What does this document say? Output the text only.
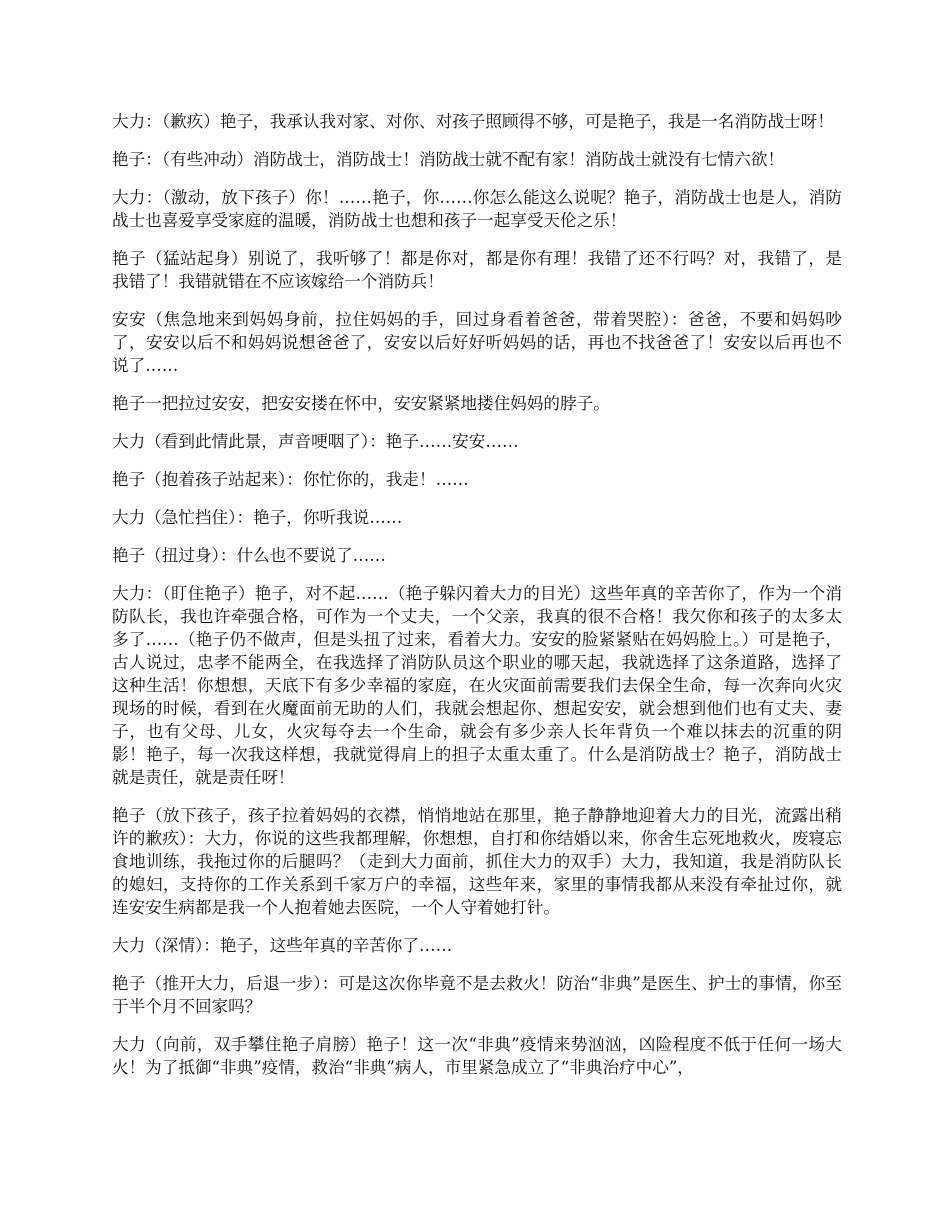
大力：（歉疚）艳子，我承认我对家、对你、对孩子照顾得不够，可是艳子，我是一名消防战士呀！

艳子：（有些冲动）消防战士，消防战士！消防战士就不配有家！消防战士就没有七情六欲！

大力：（激动，放下孩子）你！……艳子，你……你怎么能这么说呢？艳子，消防战士也是人，消防战士也喜爱享受家庭的温暖，消防战士也想和孩子一起享受天伦之乐！

艳子（猛站起身）别说了，我听够了！都是你对，都是你有理！我错了还不行吗？对，我错了，是我错了！我错就错在不应该嫁给一个消防兵！

安安（焦急地来到妈妈身前，拉住妈妈的手，回过身看着爸爸，带着哭腔）：爸爸，不要和妈妈吵了，安安以后不和妈妈说想爸爸了，安安以后好好听妈妈的话，再也不找爸爸了！安安以后再也不说了……

艳子一把拉过安安，把安安搂在怀中，安安紧紧地搂住妈妈的脖子。

大力（看到此情此景，声音哽咽了）：艳子……安安……

艳子（抱着孩子站起来）：你忙你的，我走！……

大力（急忙挡住）：艳子，你听我说……

艳子（扭过身）：什么也不要说了……

大力：（盯住艳子）艳子，对不起……（艳子躲闪着大力的目光）这些年真的辛苦你了，作为一个消防队长，我也许牵强合格，可作为一个丈夫，一个父亲，我真的很不合格！我欠你和孩子的太多太多了……（艳子仍不做声，但是头扭了过来，看着大力。安安的脸紧紧贴在妈妈脸上。）可是艳子，古人说过，忠孝不能两全，在我选择了消防队员这个职业的哪天起，我就选择了这条道路，选择了这种生活！你想想，天底下有多少幸福的家庭，在火灾面前需要我们去保全生命，每一次奔向火灾现场的时候，看到在火魔面前无助的人们，我就会想起你、想起安安，就会想到他们也有丈夫、妻子，也有父母、儿女，火灾每夺去一个生命，就会有多少亲人长年背负一个难以抹去的沉重的阴影！艳子，每一次我这样想，我就觉得肩上的担子太重太重了。什么是消防战士？艳子，消防战士就是责任，就是责任呀！

艳子（放下孩子，孩子拉着妈妈的衣襟，悄悄地站在那里，艳子静静地迎着大力的目光，流露出稍许的歉疚）：大力，你说的这些我都理解，你想想，自打和你结婚以来，你舍生忘死地救火，废寝忘食地训练，我拖过你的后腿吗？（走到大力面前，抓住大力的双手）大力，我知道，我是消防队长的媳妇，支持你的工作关系到千家万户的幸福，这些年来，家里的事情我都从来没有牵扯过你，就连安安生病都是我一个人抱着她去医院，一个人守着她打针。

大力（深情）：艳子，这些年真的辛苦你了……

艳子（推开大力，后退一步）：可是这次你毕竟不是去救火！防治“非典”是医生、护士的事情，你至于半个月不回家吗？

大力（向前，双手攀住艳子肩膀）艳子！这一次“非典”疫情来势汹汹，凶险程度不低于任何一场大火！为了抵御“非典”疫情，救治“非典”病人，市里紧急成立了“非典治疗中心”，
